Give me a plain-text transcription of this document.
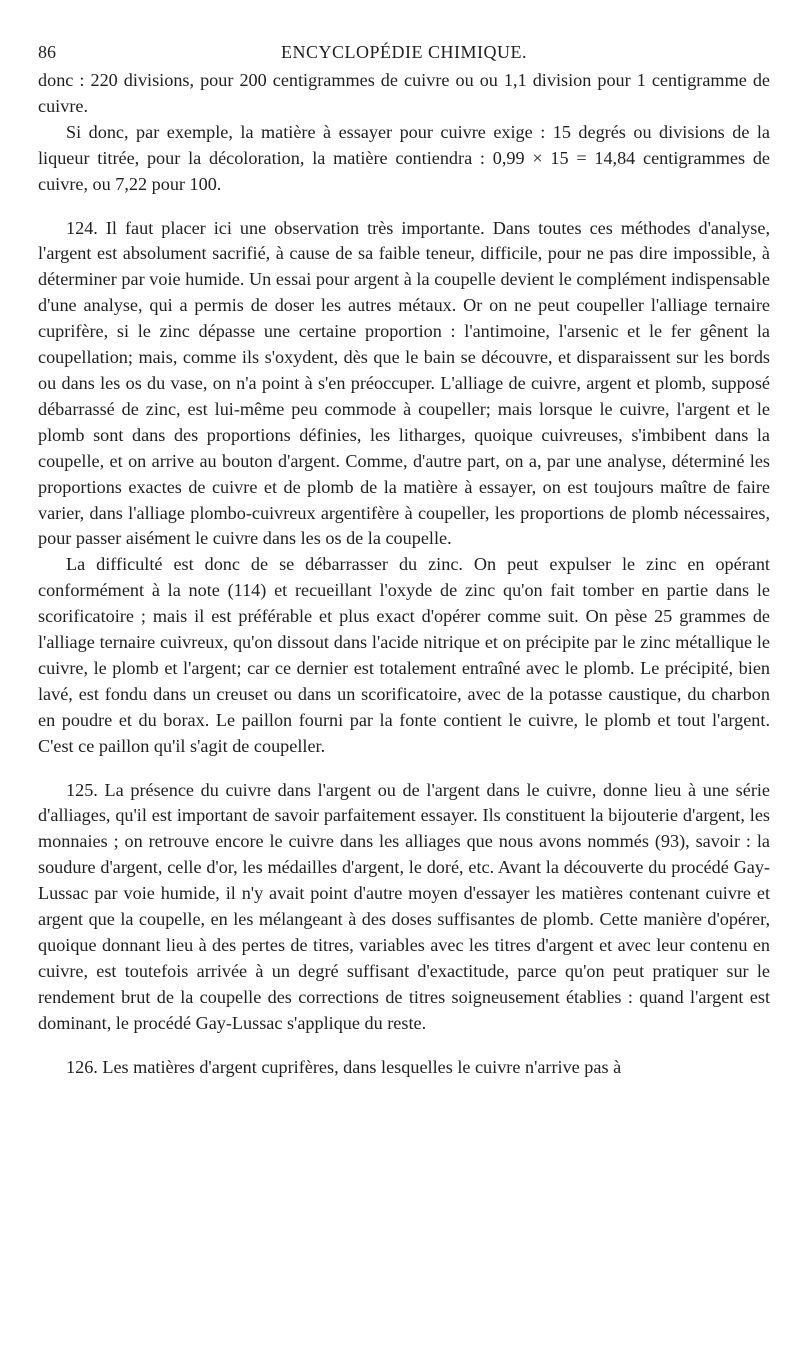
86	ENCYCLOPÉDIE CHIMIQUE.

donc : 220 divisions, pour 200 centigrammes de cuivre ou ou 1,1 division pour 1 centigramme de cuivre.

Si donc, par exemple, la matière à essayer pour cuivre exige : 15 degrés ou divisions de la liqueur titrée, pour la décoloration, la matière contiendra : 0,99 × 15 = 14,84 centigrammes de cuivre, ou 7,22 pour 100.

124. Il faut placer ici une observation très importante. Dans toutes ces méthodes d'analyse, l'argent est absolument sacrifié, à cause de sa faible teneur, difficile, pour ne pas dire impossible, à déterminer par voie humide. Un essai pour argent à la coupelle devient le complément indispensable d'une analyse, qui a permis de doser les autres métaux. Or on ne peut coupeller l'alliage ternaire cuprifère, si le zinc dépasse une certaine proportion : l'antimoine, l'arsenic et le fer gênent la coupellation; mais, comme ils s'oxydent, dès que le bain se découvre, et disparaissent sur les bords ou dans les os du vase, on n'a point à s'en préoccuper. L'alliage de cuivre, argent et plomb, supposé débarrassé de zinc, est lui-même peu commode à coupeller; mais lorsque le cuivre, l'argent et le plomb sont dans des proportions définies, les litharges, quoique cuivreuses, s'imbibent dans la coupelle, et on arrive au bouton d'argent. Comme, d'autre part, on a, par une analyse, déterminé les proportions exactes de cuivre et de plomb de la matière à essayer, on est toujours maître de faire varier, dans l'alliage plombo-cuivreux argentifère à coupeller, les proportions de plomb nécessaires, pour passer aisément le cuivre dans les os de la coupelle.

La difficulté est donc de se débarrasser du zinc. On peut expulser le zinc en opérant conformément à la note (114) et recueillant l'oxyde de zinc qu'on fait tomber en partie dans le scorificatoire ; mais il est préférable et plus exact d'opérer comme suit. On pèse 25 grammes de l'alliage ternaire cuivreux, qu'on dissout dans l'acide nitrique et on précipite par le zinc métallique le cuivre, le plomb et l'argent; car ce dernier est totalement entraîné avec le plomb. Le précipité, bien lavé, est fondu dans un creuset ou dans un scorificatoire, avec de la potasse caustique, du charbon en poudre et du borax. Le paillon fourni par la fonte contient le cuivre, le plomb et tout l'argent. C'est ce paillon qu'il s'agit de coupeller.

125. La présence du cuivre dans l'argent ou de l'argent dans le cuivre, donne lieu à une série d'alliages, qu'il est important de savoir parfaitement essayer. Ils constituent la bijouterie d'argent, les monnaies ; on retrouve encore le cuivre dans les alliages que nous avons nommés (93), savoir : la soudure d'argent, celle d'or, les médailles d'argent, le doré, etc. Avant la découverte du procédé Gay-Lussac par voie humide, il n'y avait point d'autre moyen d'essayer les matières contenant cuivre et argent que la coupelle, en les mélangeant à des doses suffisantes de plomb. Cette manière d'opérer, quoique donnant lieu à des pertes de titres, variables avec les titres d'argent et avec leur contenu en cuivre, est toutefois arrivée à un degré suffisant d'exactitude, parce qu'on peut pratiquer sur le rendement brut de la coupelle des corrections de titres soigneusement établies : quand l'argent est dominant, le procédé Gay-Lussac s'applique du reste.

126. Les matières d'argent cuprifères, dans lesquelles le cuivre n'arrive pas à
